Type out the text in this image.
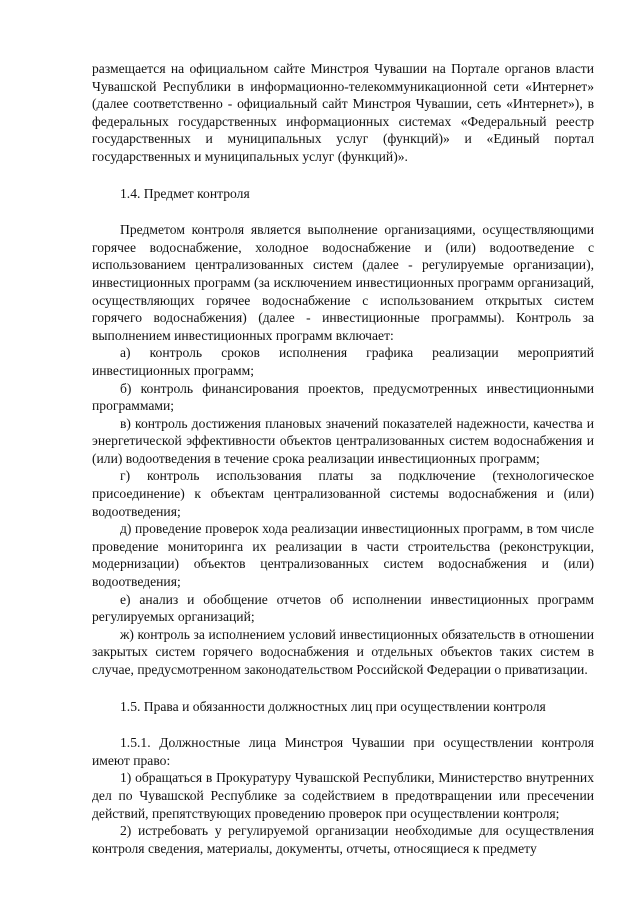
размещается на официальном сайте Минстроя Чувашии на Портале органов власти Чувашской Республики в информационно-телекоммуникационной сети «Интернет» (далее соответственно - официальный сайт Минстроя Чувашии, сеть «Интернет»), в федеральных государственных информационных системах «Федеральный реестр государственных и муниципальных услуг (функций)» и «Единый портал государственных и муниципальных услуг (функций)».

1.4. Предмет контроля

Предметом контроля является выполнение организациями, осуществляющими горячее водоснабжение, холодное водоснабжение и (или) водоотведение с использованием централизованных систем (далее - регулируемые организации), инвестиционных программ (за исключением инвестиционных программ организаций, осуществляющих горячее водоснабжение с использованием открытых систем горячего водоснабжения) (далее - инвестиционные программы). Контроль за выполнением инвестиционных программ включает:

а) контроль сроков исполнения графика реализации мероприятий инвестиционных программ;

б) контроль финансирования проектов, предусмотренных инвестиционными программами;

в) контроль достижения плановых значений показателей надежности, качества и энергетической эффективности объектов централизованных систем водоснабжения и (или) водоотведения в течение срока реализации инвестиционных программ;

г) контроль использования платы за подключение (технологическое присоединение) к объектам централизованной системы водоснабжения и (или) водоотведения;

д) проведение проверок хода реализации инвестиционных программ, в том числе проведение мониторинга их реализации в части строительства (реконструкции, модернизации) объектов централизованных систем водоснабжения и (или) водоотведения;

е) анализ и обобщение отчетов об исполнении инвестиционных программ регулируемых организаций;

ж) контроль за исполнением условий инвестиционных обязательств в отношении закрытых систем горячего водоснабжения и отдельных объектов таких систем в случае, предусмотренном законодательством Российской Федерации о приватизации.

1.5. Права и обязанности должностных лиц при осуществлении контроля

1.5.1. Должностные лица Минстроя Чувашии при осуществлении контроля имеют право:

1) обращаться в Прокуратуру Чувашской Республики, Министерство внутренних дел по Чувашской Республике за содействием в предотвращении или пресечении действий, препятствующих проведению проверок при осуществлении контроля;

2) истребовать у регулируемой организации необходимые для осуществления контроля сведения, материалы, документы, отчеты, относящиеся к предмету
